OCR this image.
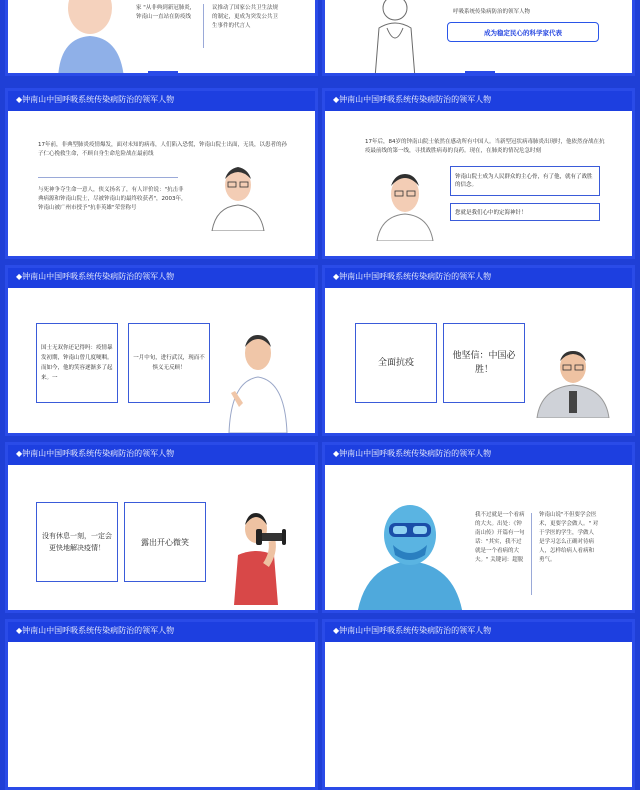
家 "从非典到新冠肺炎，钟南山一直站在防疫线
议推动了国家公共卫生法规的制定，更成为突发公共卫生事件的代言人
呼吸系统传染病防治的领军人物
成为稳定民心的科学家代表
◆钟南山中国呼吸系统传染病防治的领军人物
17年前，非典型肺炎疫情爆发，面对未知的病毒，人们陷入恐慌，钟南山院士出面，无畏，以患者的孙子仁心挽救生命，不顾自身生命危险战在最前线
与死神争夺生命一意人，侠义扬名了，有人评价说："抗击非典病源和钟南山院士，尽被钟南山的最终收获者"，2003年，钟南山被广州市授予"抗非英雄"荣誉称号
◆钟南山中国呼吸系统传染病防治的领军人物
17年后，84岁的钟南山院士依然在感动所有中国人。当新型冠状病毒肺炎出现时，他依然奋战在抗疫最前线的第一线，寻找战胜病毒的良药。现在，在肺炎的情况危急时刻
钟南山院士成为人民群众的主心骨，有了他，就有了战胜的信念。
您就是我们心中的定海神针！
◆钟南山中国呼吸系统传染病防治的领军人物
国士无双你还记得吗：疫情暴发初期，钟南山曾几度哽咽。而如今，他的笑容逐渐多了起来。一
一月中旬，进行武汉，现而不惧义无反顾！
◆钟南山中国呼吸系统传染病防治的领军人物
全面抗疫
他坚信：中国必胜！
◆钟南山中国呼吸系统传染病防治的领军人物
没有休息一刻，一定会更快地解决疫情！
露出开心微笑
◆钟南山中国呼吸系统传染病防治的领军人物
我不过就是一个看病的大夫。出处：《钟南山传》开篇有一句话："其实，我不过就是一个看病的大夫。" 关键词：超脱
钟南山说"不但要学会医术，更要学会做人。" 对于学医的学生，学做人是学习怎么正确对待病人，怎样给病人看病和勇气。
◆钟南山中国呼吸系统传染病防治的领军人物	◆钟南山中国呼吸系统传染病防治的领军人物
